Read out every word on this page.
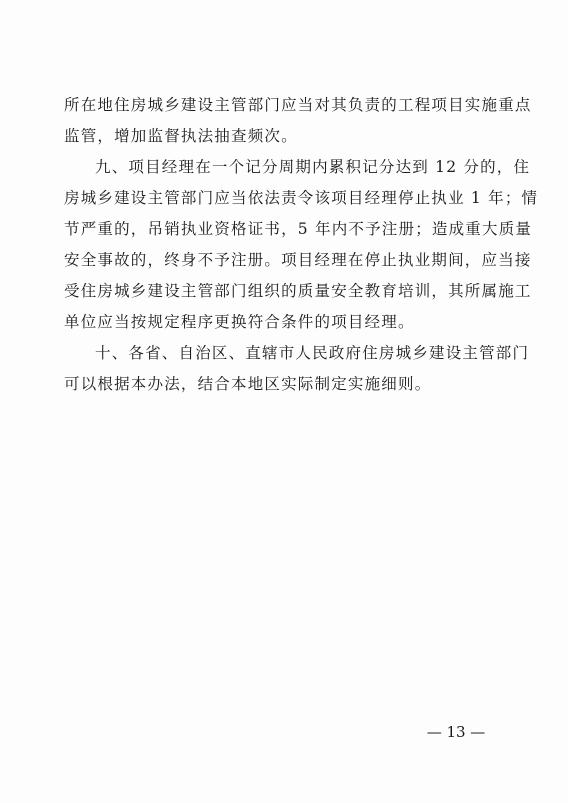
所在地住房城乡建设主管部门应当对其负责的工程项目实施重点
监管，增加监督执法抽查频次。
九、项目经理在一个记分周期内累积记分达到 12 分的，住
房城乡建设主管部门应当依法责令该项目经理停止执业 1 年；情
节严重的，吊销执业资格证书，5 年内不予注册；造成重大质量
安全事故的，终身不予注册。项目经理在停止执业期间，应当接
受住房城乡建设主管部门组织的质量安全教育培训，其所属施工
单位应当按规定程序更换符合条件的项目经理。
十、各省、自治区、直辖市人民政府住房城乡建设主管部门
可以根据本办法，结合本地区实际制定实施细则。
— 13 —
